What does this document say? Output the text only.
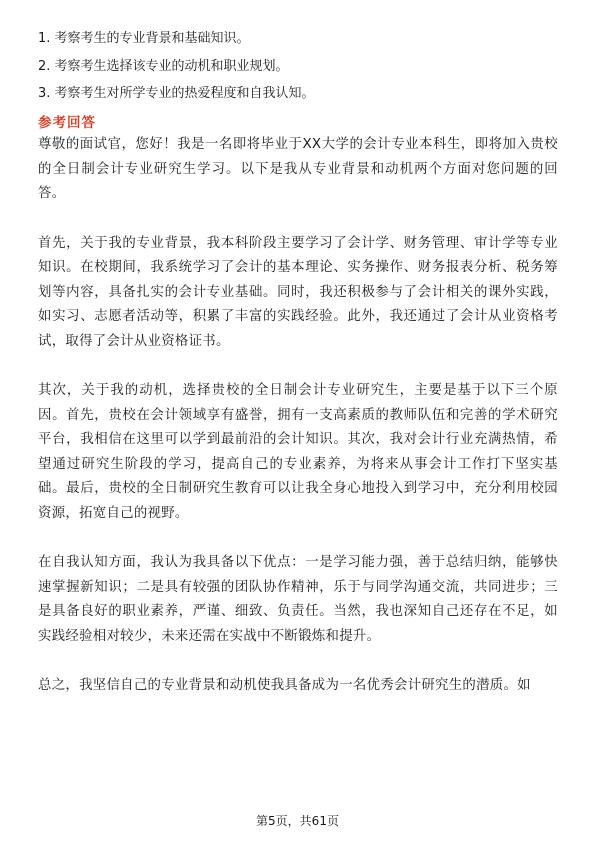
1. 考察考生的专业背景和基础知识。
2. 考察考生选择该专业的动机和职业规划。
3. 考察考生对所学专业的热爱程度和自我认知。
参考回答

尊敬的面试官，您好！我是一名即将毕业于XX大学的会计专业本科生，即将加入贵校的全日制会计专业研究生学习。以下是我从专业背景和动机两个方面对您问题的回答。

首先，关于我的专业背景，我本科阶段主要学习了会计学、财务管理、审计学等专业知识。在校期间，我系统学习了会计的基本理论、实务操作、财务报表分析、税务筹划等内容，具备扎实的会计专业基础。同时，我还积极参与了会计相关的课外实践，如实习、志愿者活动等，积累了丰富的实践经验。此外，我还通过了会计从业资格考试，取得了会计从业资格证书。

其次，关于我的动机，选择贵校的全日制会计专业研究生，主要是基于以下三个原因。首先，贵校在会计领域享有盛誉，拥有一支高素质的教师队伍和完善的学术研究平台，我相信在这里可以学到最前沿的会计知识。其次，我对会计行业充满热情，希望通过研究生阶段的学习，提高自己的专业素养，为将来从事会计工作打下坚实基础。最后，贵校的全日制研究生教育可以让我全身心地投入到学习中，充分利用校园资源，拓宽自己的视野。

在自我认知方面，我认为我具备以下优点：一是学习能力强，善于总结归纳，能够快速掌握新知识；二是具有较强的团队协作精神，乐于与同学沟通交流，共同进步；三是具备良好的职业素养，严谨、细致、负责任。当然，我也深知自己还存在不足，如实践经验相对较少，未来还需在实战中不断锻炼和提升。

总之，我坚信自己的专业背景和动机使我具备成为一名优秀会计研究生的潜质。如

第5页，共61页
